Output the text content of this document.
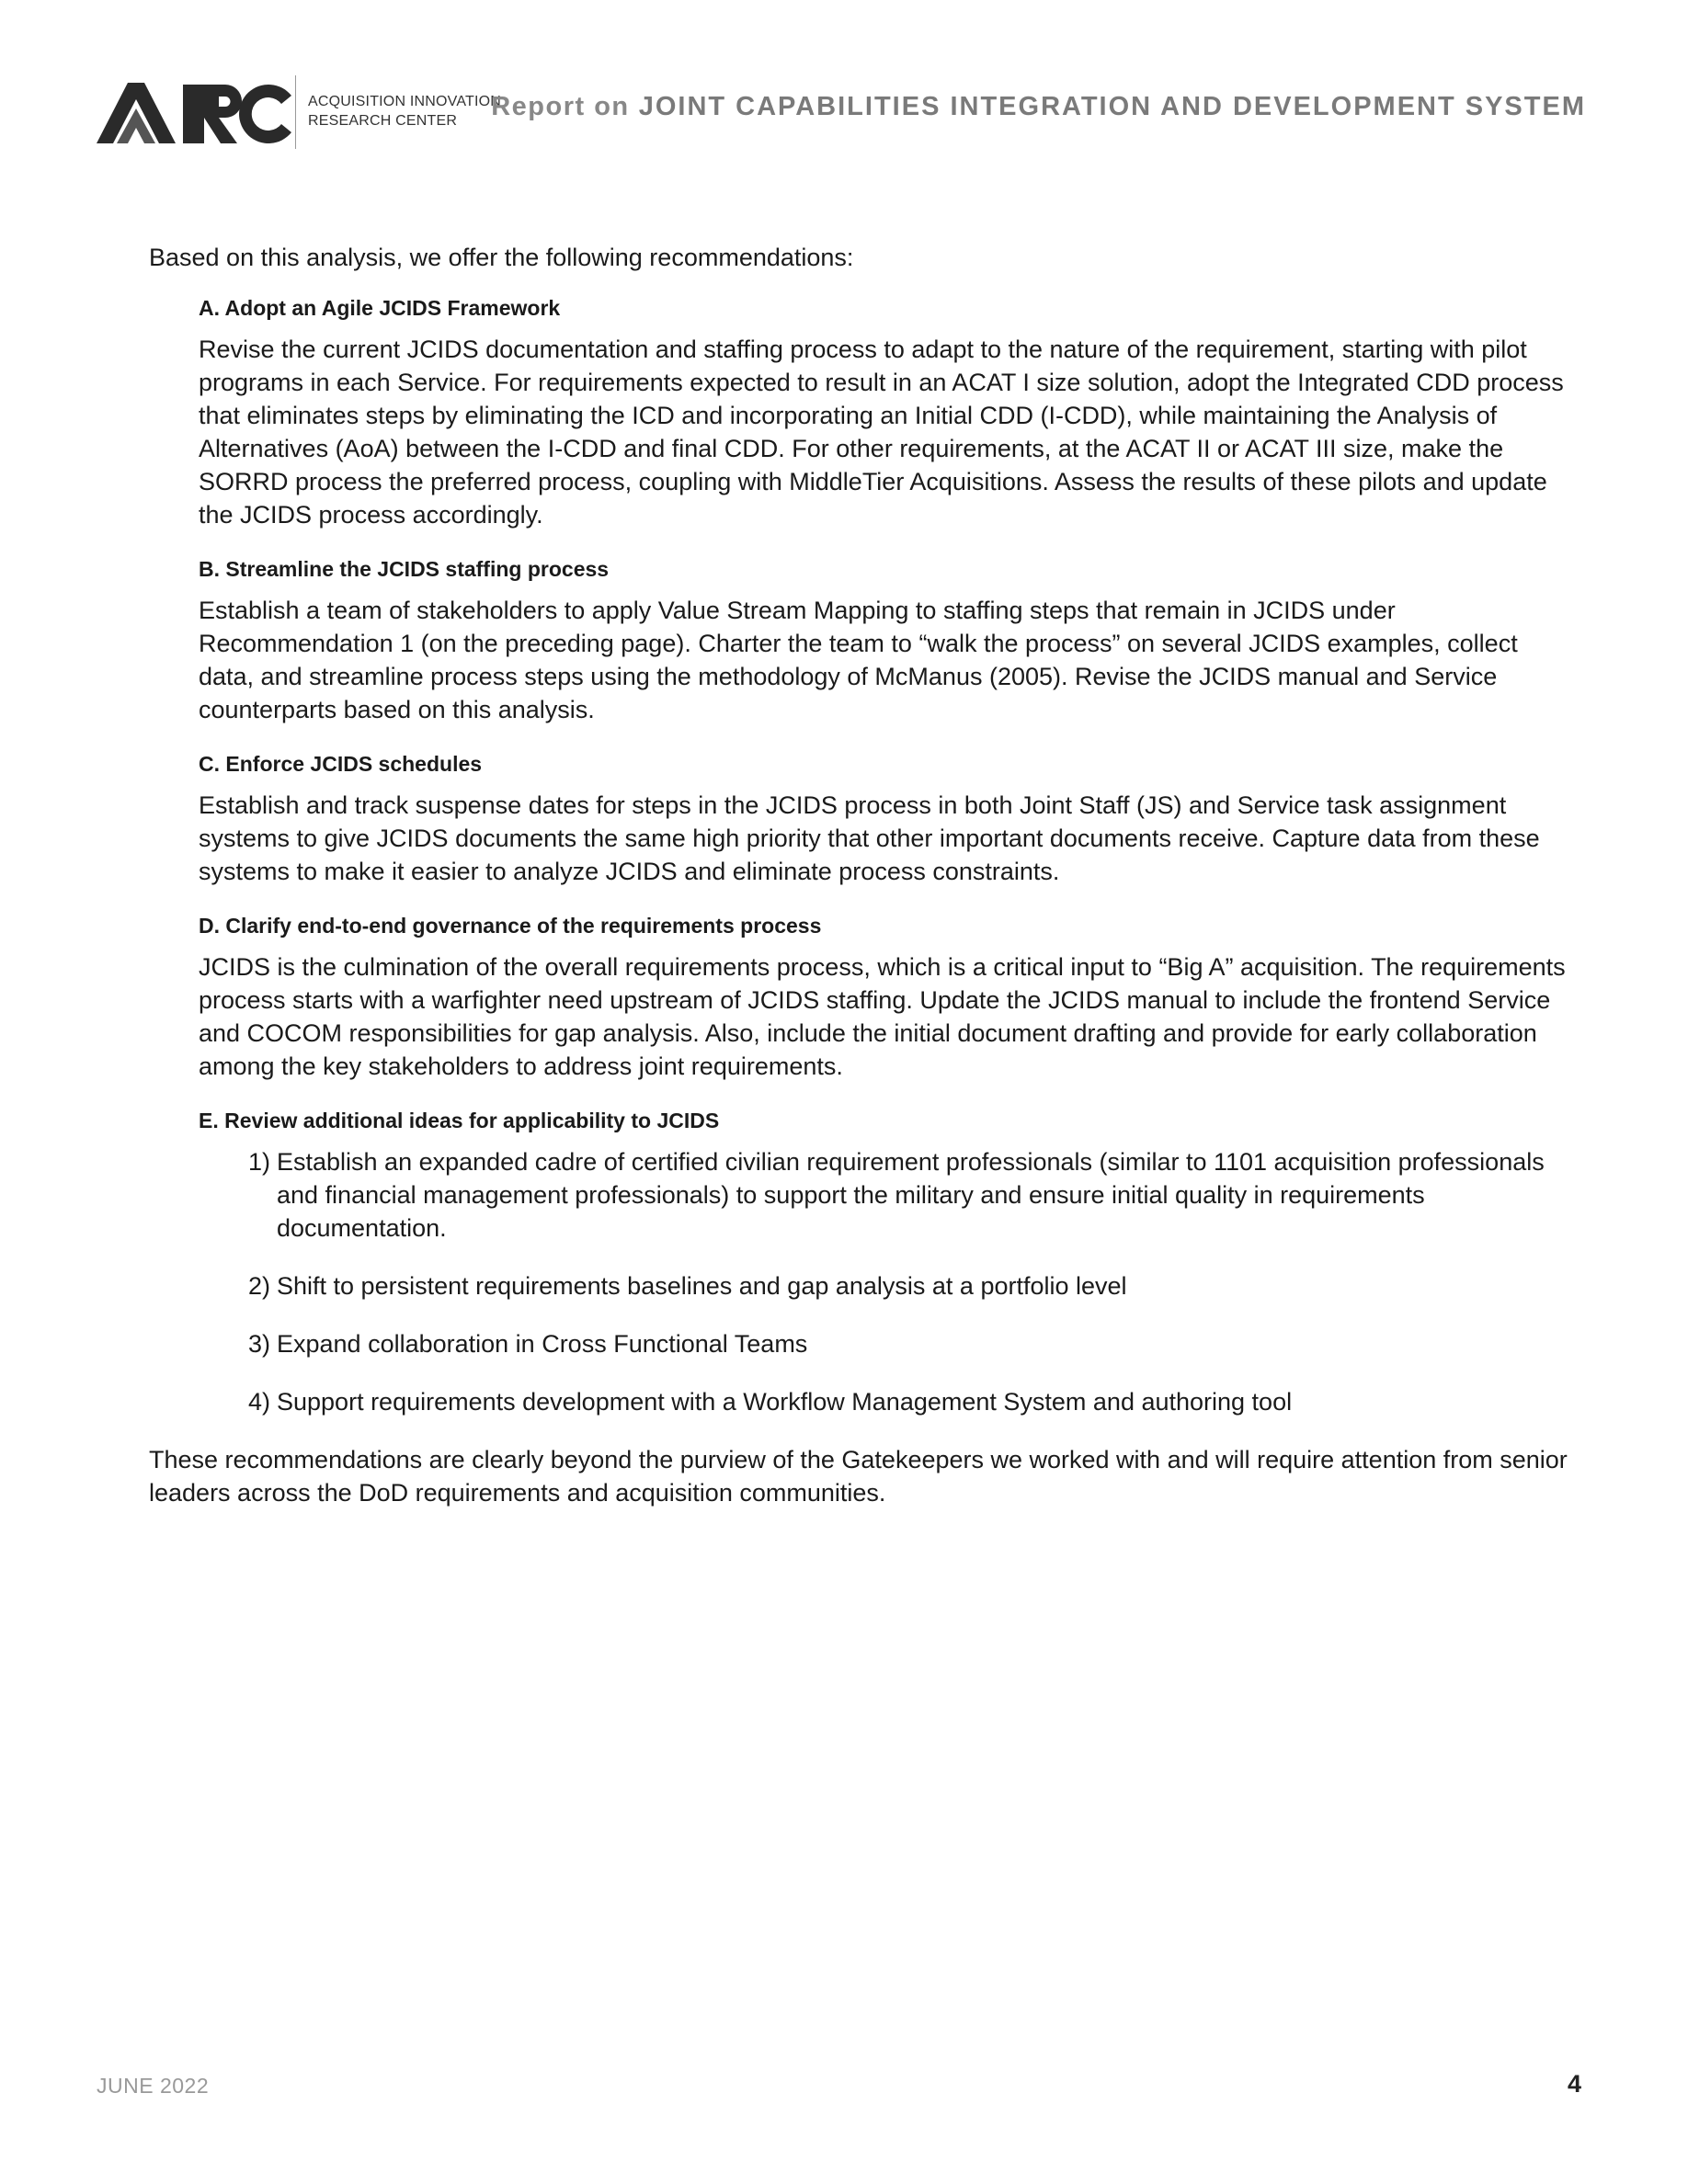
ACQUISITION INNOVATION
RESEARCH CENTER	Report on JOINT CAPABILITIES INTEGRATION AND DEVELOPMENT SYSTEM

Based on this analysis, we offer the following recommendations:

A. Adopt an Agile JCIDS Framework

Revise the current JCIDS documentation and staffing process to adapt to the nature of the requirement, starting with pilot programs in each Service. For requirements expected to result in an ACAT I size solution, adopt the Integrated CDD process that eliminates steps by eliminating the ICD and incorporating an Initial CDD (I-CDD), while maintaining the Analysis of Alternatives (AoA) between the I-CDD and final CDD. For other requirements, at the ACAT II or ACAT III size, make the SORRD process the preferred process, coupling with MiddleTier Acquisitions. Assess the results of these pilots and update the JCIDS process accordingly.

B. Streamline the JCIDS staffing process

Establish a team of stakeholders to apply Value Stream Mapping to staffing steps that remain in JCIDS under Recommendation 1 (on the preceding page). Charter the team to “walk the process” on several JCIDS examples, collect data, and streamline process steps using the methodology of McManus (2005). Revise the JCIDS manual and Service counterparts based on this analysis.

C. Enforce JCIDS schedules

Establish and track suspense dates for steps in the JCIDS process in both Joint Staff (JS) and Service task assignment systems to give JCIDS documents the same high priority that other important documents receive. Capture data from these systems to make it easier to analyze JCIDS and eliminate process constraints.

D. Clarify end-to-end governance of the requirements process

JCIDS is the culmination of the overall requirements process, which is a critical input to “Big A” acquisition. The requirements process starts with a warfighter need upstream of JCIDS staffing. Update the JCIDS manual to include the frontend Service and COCOM responsibilities for gap analysis. Also, include the initial document drafting and provide for early collaboration among the key stakeholders to address joint requirements.

E. Review additional ideas for applicability to JCIDS

1) Establish an expanded cadre of certified civilian requirement professionals (similar to 1101 acquisition professionals and financial management professionals) to support the military and ensure initial quality in requirements documentation.
2) Shift to persistent requirements baselines and gap analysis at a portfolio level
3) Expand collaboration in Cross Functional Teams
4) Support requirements development with a Workflow Management System and authoring tool

These recommendations are clearly beyond the purview of the Gatekeepers we worked with and will require attention from senior leaders across the DoD requirements and acquisition communities.

JUNE 2022	4
